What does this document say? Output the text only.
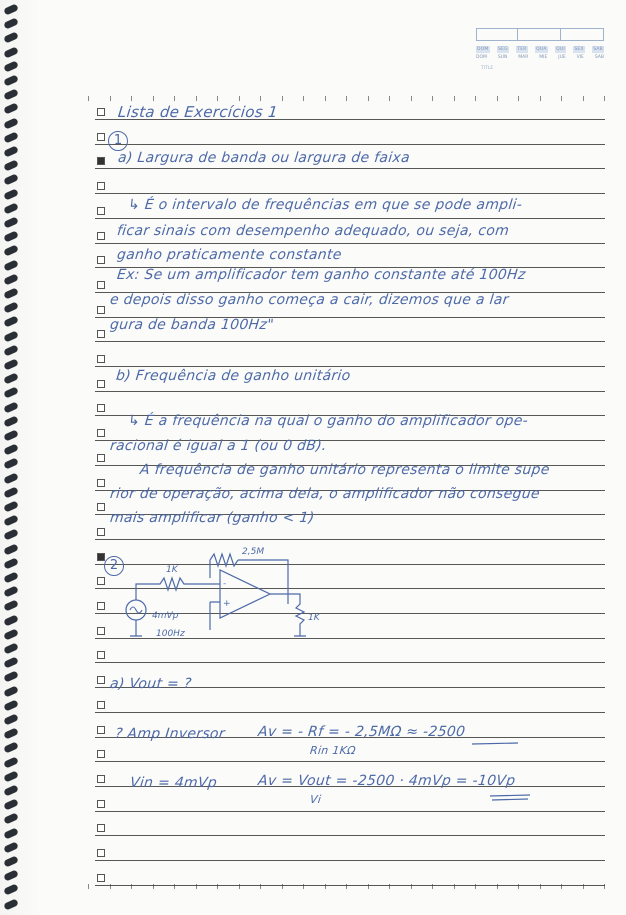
DOM SEG TER QUA QUI SEX SAB
DOM SUN MAR MIE JUE VIE SAB
TITLE
Lista de Exercícios 1
1
a) Largura de banda ou largura de faixa
↳ É o intervalo de frequências em que se pode ampli-
ficar sinais com desempenho adequado, ou seja, com
ganho praticamente constante
Ex: Se um amplificador tem ganho constante até 100Hz
e depois disso ganho começa a cair, dizemos que a lar
gura de banda 100Hz"
b) Frequência de ganho unitário
↳ É a frequência na qual o ganho do amplificador ope-
racional é igual a 1 (ou 0 dB).
A frequência de ganho unitário representa o limite supe
rior de operação, acima dela, o amplificador não consegue
mais amplificar (ganho < 1)
2
a) Vout = ?
? Amp Inversor Av = - Rf = - 2,5MΩ ≈ -2500
Rin 1KΩ
Vin = 4mVp	Av = Vout = -2500 · 4mVp = -10Vp
Vi
2,5M
1K
-
+
1K
4mVp
100Hz
